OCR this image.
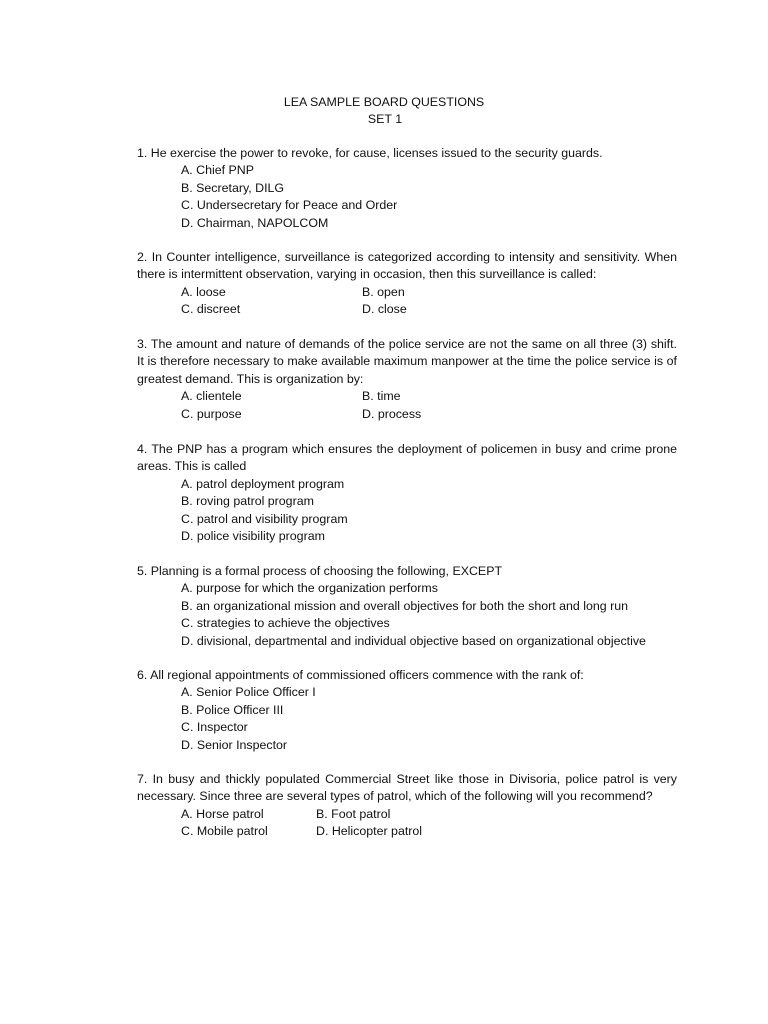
LEA SAMPLE BOARD QUESTIONS
SET 1
1. He exercise the power to revoke, for cause, licenses issued to the security guards.
A. Chief PNP
B. Secretary, DILG
C. Undersecretary for Peace and Order
D. Chairman, NAPOLCOM
2. In Counter intelligence, surveillance is categorized according to intensity and sensitivity. When there is intermittent observation, varying in occasion, then this surveillance is called:
A. loose	B. open
C. discreet	D. close
3. The amount and nature of demands of the police service are not the same on all three (3) shift. It is therefore necessary to make available maximum manpower at the time the police service is of greatest demand. This is organization by:
A. clientele	B. time
C. purpose	D. process
4. The PNP has a program which ensures the deployment of policemen in busy and crime prone areas. This is called
A. patrol deployment program
B. roving patrol program
C. patrol and visibility program
D. police visibility program
5. Planning is a formal process of choosing the following, EXCEPT
A. purpose for which the organization performs
B. an organizational mission and overall objectives for both the short and long run
C. strategies to achieve the objectives
D. divisional, departmental and individual objective based on organizational objective
6. All regional appointments of commissioned officers commence with the rank of:
A. Senior Police Officer I
B. Police Officer III
C. Inspector
D. Senior Inspector
7. In busy and thickly populated Commercial Street like those in Divisoria, police patrol is very necessary. Since three are several types of patrol, which of the following will you recommend?
A. Horse patrol	B. Foot patrol
C. Mobile patrol	D. Helicopter patrol
